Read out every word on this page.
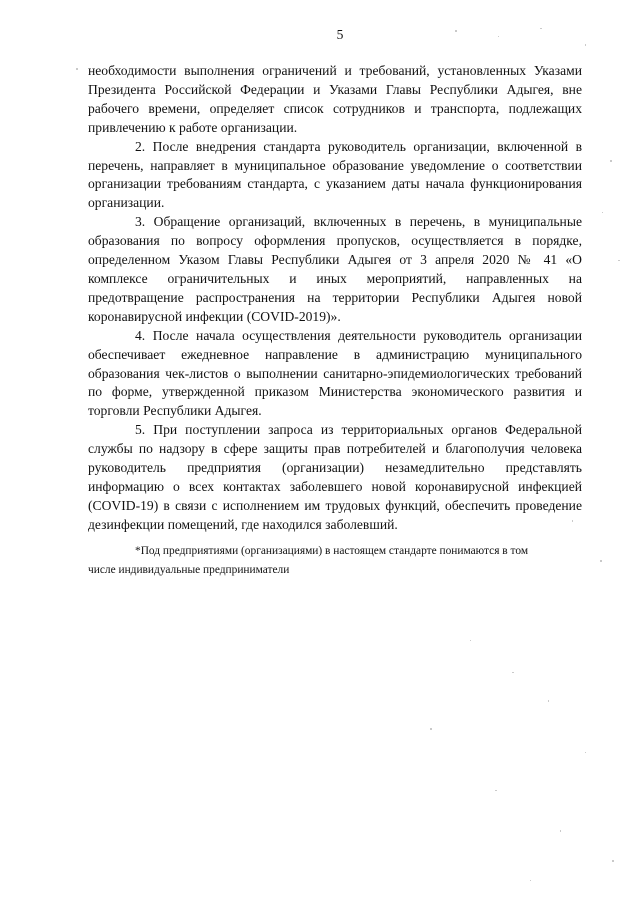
5

необходимости выполнения ограничений и требований, установленных Указами Президента Российской Федерации и Указами Главы Республики Адыгея, вне рабочего времени, определяет список сотрудников и транспорта, подлежащих привлечению к работе организации.

2. После внедрения стандарта руководитель организации, включенной в перечень, направляет в муниципальное образование уведомление о соответствии организации требованиям стандарта, с указанием даты начала функционирования организации.

3. Обращение организаций, включенных в перечень, в муниципальные образования по вопросу оформления пропусков, осуществляется в порядке, определенном Указом Главы Республики Адыгея от 3 апреля 2020 № 41 «О комплексе ограничительных и иных мероприятий, направленных на предотвращение распространения на территории Республики Адыгея новой коронавирусной инфекции (COVID-2019)».

4. После начала осуществления деятельности руководитель организации обеспечивает ежедневное направление в администрацию муниципального образования чек-листов о выполнении санитарно-эпидемиологических требований по форме, утвержденной приказом Министерства экономического развития и торговли Республики Адыгея.

5. При поступлении запроса из территориальных органов Федеральной службы по надзору в сфере защиты прав потребителей и благополучия человека руководитель предприятия (организации) незамедлительно представлять информацию о всех контактах заболевшего новой коронавирусной инфекцией (COVID-19) в связи с исполнением им трудовых функций, обеспечить проведение дезинфекции помещений, где находился заболевший.

*Под предприятиями (организациями) в настоящем стандарте понимаются в том

числе индивидуальные предприниматели
